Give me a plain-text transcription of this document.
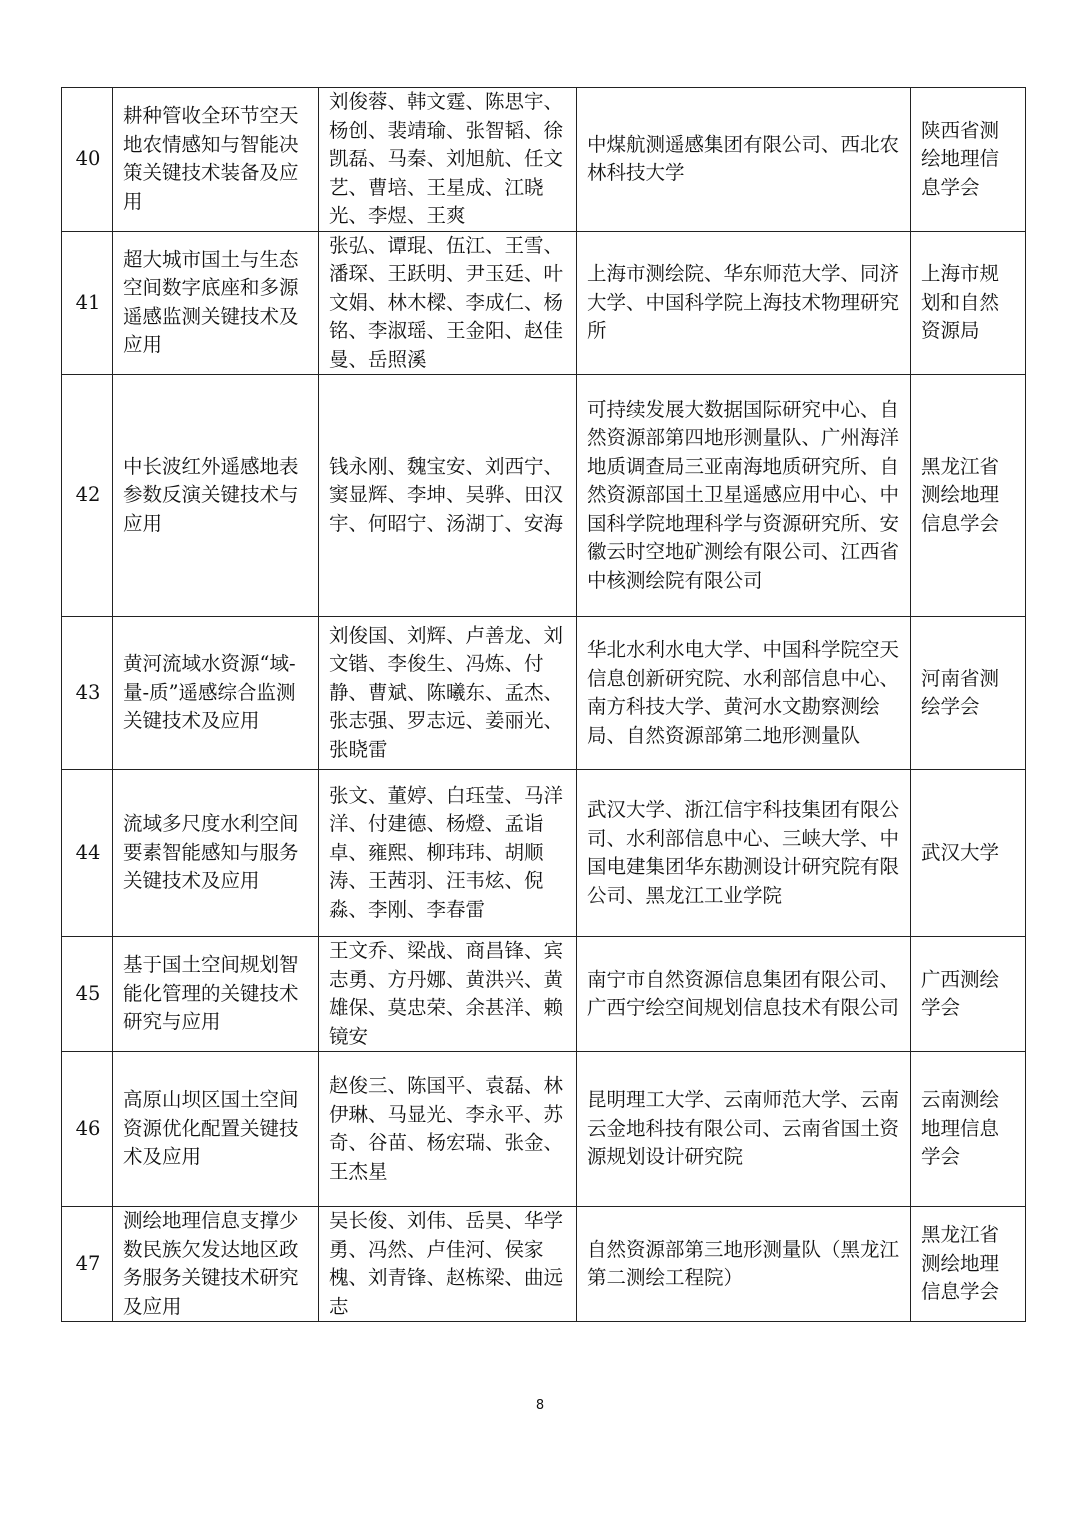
40	耕种管收全环节空天地农情感知与智能决策关键技术装备及应用	刘俊蓉、韩文霆、陈思宇、杨创、裴靖瑜、张智韬、徐凯磊、马秦、刘旭航、任文艺、曹培、王星成、江晓光、李煜、王爽	中煤航测遥感集团有限公司、西北农林科技大学	陕西省测绘地理信息学会
41	超大城市国土与生态空间数字底座和多源遥感监测关键技术及应用	张弘、谭琨、伍江、王雪、潘琛、王跃明、尹玉廷、叶文娟、林木樑、李成仁、杨铭、李淑瑶、王金阳、赵佳曼、岳照溪	上海市测绘院、华东师范大学、同济大学、中国科学院上海技术物理研究所	上海市规划和自然资源局
42	中长波红外遥感地表参数反演关键技术与应用	钱永刚、魏宝安、刘西宁、窦显辉、李坤、吴骅、田汉宇、何昭宁、汤湖丁、安海	可持续发展大数据国际研究中心、自然资源部第四地形测量队、广州海洋地质调查局三亚南海地质研究所、自然资源部国土卫星遥感应用中心、中国科学院地理科学与资源研究所、安徽云时空地矿测绘有限公司、江西省中核测绘院有限公司	黑龙江省测绘地理信息学会
43	黄河流域水资源“域-量-质”遥感综合监测关键技术及应用	刘俊国、刘辉、卢善龙、刘文锴、李俊生、冯炼、付静、曹斌、陈曦东、孟杰、张志强、罗志远、姜丽光、张晓雷	华北水利水电大学、中国科学院空天信息创新研究院、水利部信息中心、南方科技大学、黄河水文勘察测绘局、自然资源部第二地形测量队	河南省测绘学会
44	流域多尺度水利空间要素智能感知与服务关键技术及应用	张文、董婷、白珏莹、马洋洋、付建德、杨燈、孟诣卓、雍熙、柳玮玮、胡顺涛、王茜羽、汪韦炫、倪淼、李刚、李春雷	武汉大学、浙江信宇科技集团有限公司、水利部信息中心、三峡大学、中国电建集团华东勘测设计研究院有限公司、黑龙江工业学院	武汉大学
45	基于国土空间规划智能化管理的关键技术研究与应用	王文乔、梁战、商昌锋、宾志勇、方丹娜、黄洪兴、黄雄保、莫忠荣、余甚洋、赖镜安	南宁市自然资源信息集团有限公司、广西宁绘空间规划信息技术有限公司	广西测绘学会
46	高原山坝区国土空间资源优化配置关键技术及应用	赵俊三、陈国平、袁磊、林伊琳、马显光、李永平、苏奇、谷苗、杨宏瑞、张金、王杰星	昆明理工大学、云南师范大学、云南云金地科技有限公司、云南省国土资源规划设计研究院	云南测绘地理信息学会
47	测绘地理信息支撑少数民族欠发达地区政务服务关键技术研究及应用	吴长俊、刘伟、岳昊、华学勇、冯然、卢佳河、侯家槐、刘青锋、赵栋梁、曲远志	自然资源部第三地形测量队（黑龙江第二测绘工程院）	黑龙江省测绘地理信息学会
8
